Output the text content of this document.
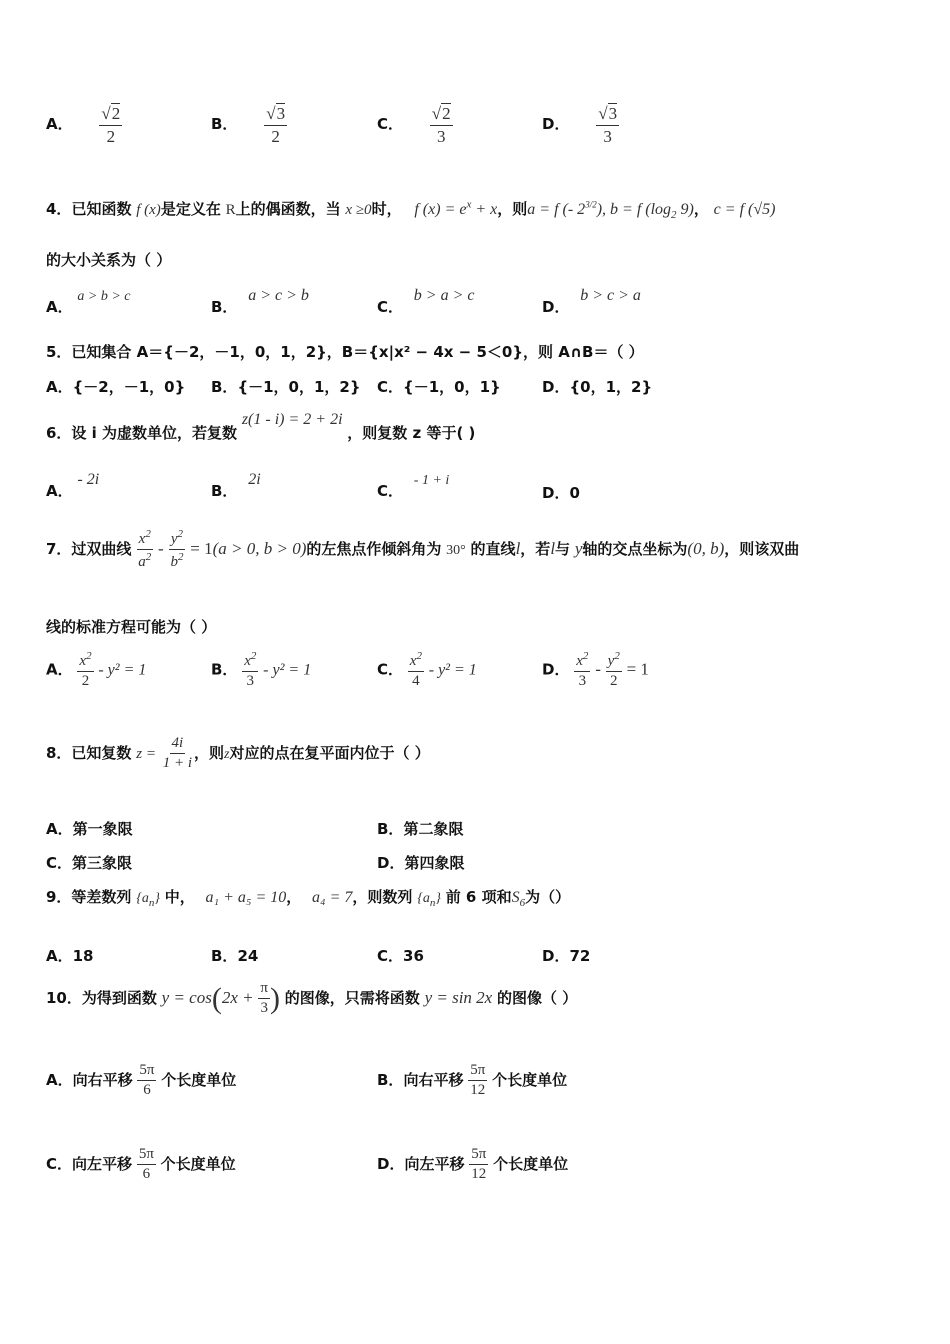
A． $\frac{√2}{2}$	B． $\frac{√3}{2}$	C． $\frac{√2}{3}$	D． $\frac{√3}{3}$
4．已知函数 f (x)是定义在 R上的偶函数，当 x ≥0时， f $(x) = e^x + x$，则a = f (- $2^{3/2}$), b = f ($\log_2$ 9)， c = f (√5)
的大小关系为（ ）
A． a > b > c
B． a > c > b
C． b > a > c
D． b > c > a
5．已知集合 A＝{－2，－1，0，1，2}，B＝{x|x² − 4x − 5＜0}，则 A∩B＝（ ）
A．{－2，－1，0} B．{－1，0，1，2} C．{－1，0，1}	D．{0，1，2}
6．设 i 为虚数单位，若复数 z(1 - i) = 2 + 2i ，则复数 z 等于( )
A． - 2i
B． 2i
C． - 1 + i
D．0
7．过双曲线 $\frac{x^2}{a^2} - \frac{y^2}{b^2} = 1(a > 0$, b > 0)的左焦点作倾斜角为 30° 的直线l，若l与 y轴的交点坐标为(0, b)，则该双曲
线的标准方程可能为（ ）
A． $\frac{x^2}{2} - y^2 = 1$	B． $\frac{x^2}{3} - y^2 = 1$	C． $\frac{x^2}{4} - y^2 = 1$	D． $\frac{x^2}{3} - \frac{y^2}{2} = 1$
8．已知复数 $z = \frac{4i}{1 + i}$ ，则z对应的点在复平面内位于（ ）
A．第一象限	B．第二象限
C．第三象限	D．第四象限
9．等差数列 $\{a_n\}$ 中， a₁ + a₅ = 10， a₄ = 7，则数列 $\{a_n\}$ 前 6 项和$S_6$为（）
A．18	B．24	C．36	D．72
10．为得到函数 $y = \cos(2x + \frac{\pi}{3}$ ) 的图像，只需将函数 y = sin 2x 的图像（ ）
A．向右平移 $\frac{5\pi}{6}$ 个长度单位	B．向右平移 $\frac{5\pi}{12}$ 个长度单位
C．向左平移 $\frac{5\pi}{6}$ 个长度单位	D．向左平移 $\frac{5\pi}{12}$ 个长度单位
